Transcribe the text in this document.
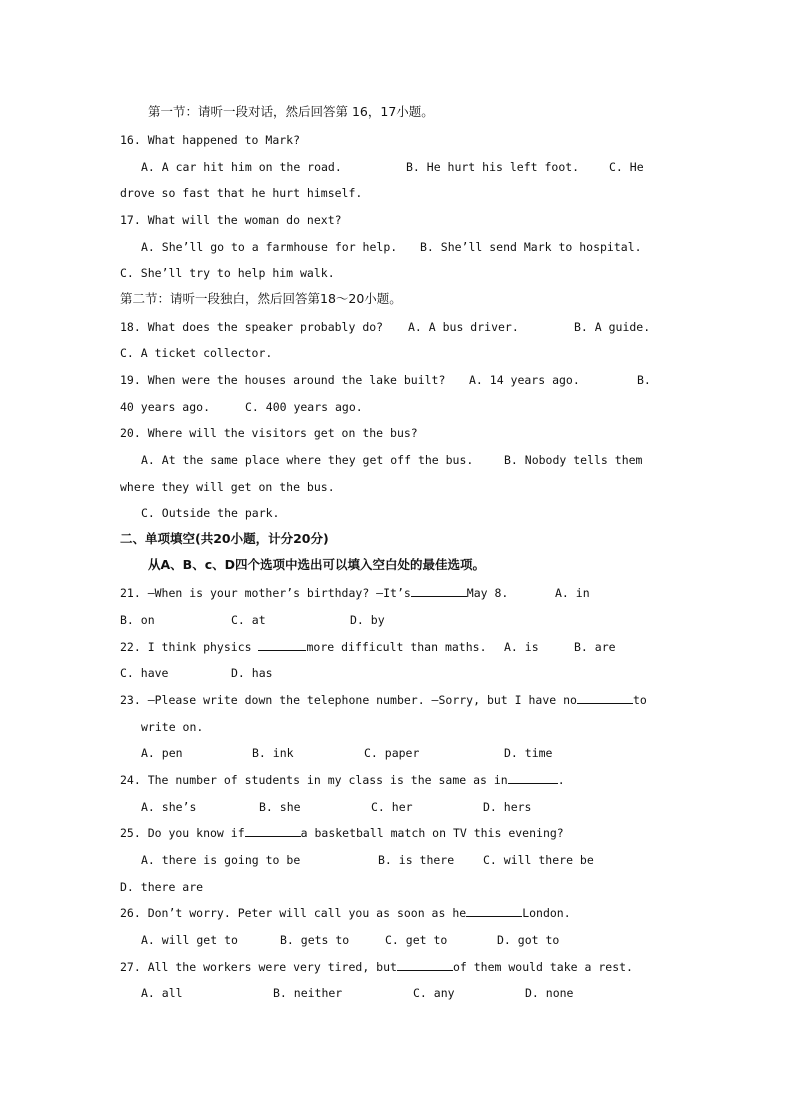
第一节：请听一段对话，然后回答第 16，17小题。
16. What happened to Mark?
A. A car hit him on the road.	B. He hurt his left foot.	C. He
drove so fast that he hurt himself.
17. What will the woman do next?
A. She’ll go to a farmhouse for help. B. She’ll send Mark to hospital.
C. She’ll try to help him walk.
第二节：请听一段独白，然后回答第18～20小题。
18. What does the speaker probably do? A. A bus driver.	B. A guide.
C. A ticket collector.
19. When were the houses around the lake built? A. 14 years ago.	B.
40 years ago.	C. 400 years ago.
20. Where will the visitors get on the bus?
A. At the same place where they get off the bus.	B. Nobody tells them
where they will get on the bus.
C. Outside the park.
二、单项填空(共20小题，计分20分)
从A、B、c、D四个选项中选出可以填入空白处的最佳选项。
21. —When is your mother’s birthday? —It’s	May 8.	A. in
B. on	C. at	D. by
22. I think physics	more difficult than maths. A. is	B. are
C. have	D. has
23. —Please write down the telephone number. —Sorry, but I have no	to
write on.
A. pen	B. ink	C. paper	D. time
24. The number of students in my class is the same as in	.
A. she’s	B. she	C. her	D. hers
25. Do you know if	a basketball match on TV this evening?
A. there is going to be	B. is there	C. will there be
D. there are
26. Don’t worry. Peter will call you as soon as he	London.
A. will get to	B. gets to	C. get to	D. got to
27. All the workers were very tired, but	of them would take a rest.
A. all	B. neither	C. any	D. none
